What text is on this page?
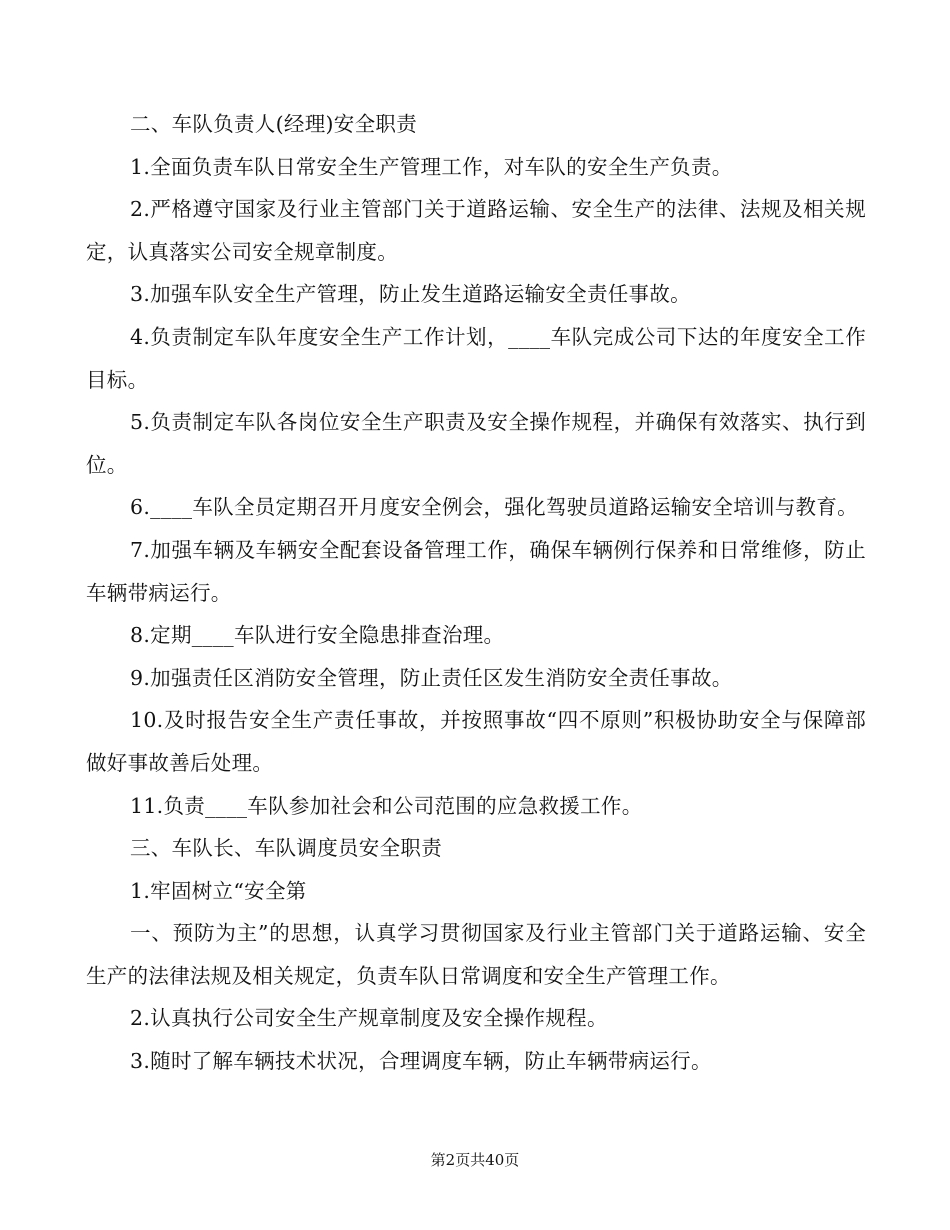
二、车队负责人(经理)安全职责

1.全面负责车队日常安全生产管理工作，对车队的安全生产负责。

2.严格遵守国家及行业主管部门关于道路运输、安全生产的法律、法规及相关规定，认真落实公司安全规章制度。

3.加强车队安全生产管理，防止发生道路运输安全责任事故。

4.负责制定车队年度安全生产工作计划，____车队完成公司下达的年度安全工作目标。

5.负责制定车队各岗位安全生产职责及安全操作规程，并确保有效落实、执行到位。

6.____车队全员定期召开月度安全例会，强化驾驶员道路运输安全培训与教育。

7.加强车辆及车辆安全配套设备管理工作，确保车辆例行保养和日常维修，防止车辆带病运行。

8.定期____车队进行安全隐患排查治理。

9.加强责任区消防安全管理，防止责任区发生消防安全责任事故。

10.及时报告安全生产责任事故，并按照事故“四不原则”积极协助安全与保障部做好事故善后处理。

11.负责____车队参加社会和公司范围的应急救援工作。

三、车队长、车队调度员安全职责

1.牢固树立“安全第

一、预防为主”的思想，认真学习贯彻国家及行业主管部门关于道路运输、安全生产的法律法规及相关规定，负责车队日常调度和安全生产管理工作。

2.认真执行公司安全生产规章制度及安全操作规程。

3.随时了解车辆技术状况，合理调度车辆，防止车辆带病运行。

第2页共40页
